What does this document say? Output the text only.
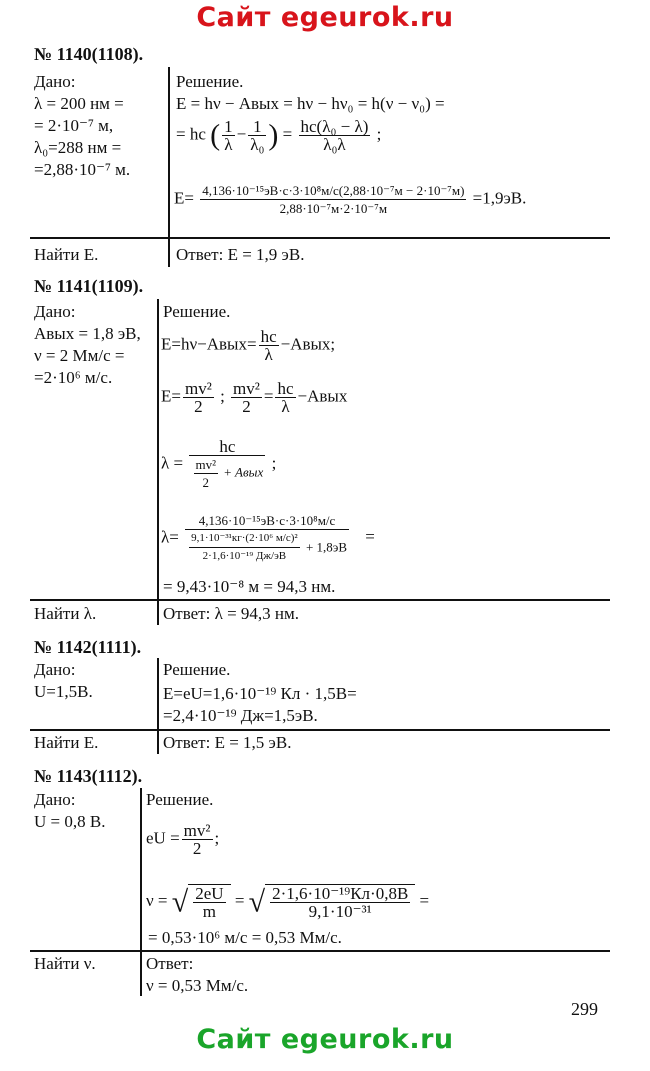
Сайт egeurok.ru
№ 1140(1108).
Дано:
λ = 200 нм =
= 2·10⁻⁷ м,
λ₀=288 нм =
=2,88·10⁻⁷ м.
Решение.
E = hν − Aвых = hν − hν₀ = h(ν − ν₀) =
= hc ( $\frac{1}{\lambda} - \frac{1}{\text{λ₀}}$ ) = $\frac{\text{hc(λ₀ − λ)}}{\text{λ₀λ}}$ ;
$E= \frac{\text{4,136·10⁻¹⁵эВ·c·3·10⁸м/c(2,88·10⁻⁷м − 2·10⁻⁷м)}}{\text{2,88·10⁻⁷м·2·10⁻⁷м}} =1,9эВ$.
Найти Е.	Ответ: Е = 1,9 эВ.
№ 1141(1109).
Дано:
Aвых = 1,8 эВ,
ν = 2 Мм/с =
=2·10⁶ м/с.
Решение.
E=hν−Aвых= $\frac{hc}{\lambda}$ −Aвых;
$E= \frac{\text{mv²}}{2}$ ; $\frac{\text{mv²}}{2} = \frac{hc}{\lambda}$ −Aвых
$\lambda = \frac{hc}{\frac{\text{mv²}}{2} + Aвых}$ ;
$\lambda= \frac{\text{4,136·10⁻¹⁵эВ·c·3·10⁸м/c}}{\frac{\text{9,1·10⁻³¹кг·(2·10⁶ м/c)²}}{\text{2·1,6·10⁻¹⁹ Дж/эВ}} + 1,8эВ}$ =
= 9,43·10⁻⁸ м = 94,3 нм.
Найти λ.	Ответ: λ = 94,3 нм.
№ 1142(1111).
Дано:
U=1,5В.
Решение.
E=eU=1,6·10⁻¹⁹ Кл · 1,5В=
=2,4·10⁻¹⁹ Дж=1,5эВ.
Найти Е.	Ответ: Е = 1,5 эВ.
№ 1143(1112).
Дано:
U = 0,8 В.
Решение.
eU = $\frac{\text{mv²}}{2}$ ;
ν = √ $\frac{2eU}{m}$ = √ $\frac{\text{2·1,6·10⁻¹⁹Кл·0,8В}}{\text{9,1·10⁻³¹}}$ =
= 0,53·10⁶ м/с = 0,53 Мм/с.
Найти ν.	Ответ:
ν = 0,53 Мм/с.
299
Сайт egeurok.ru
